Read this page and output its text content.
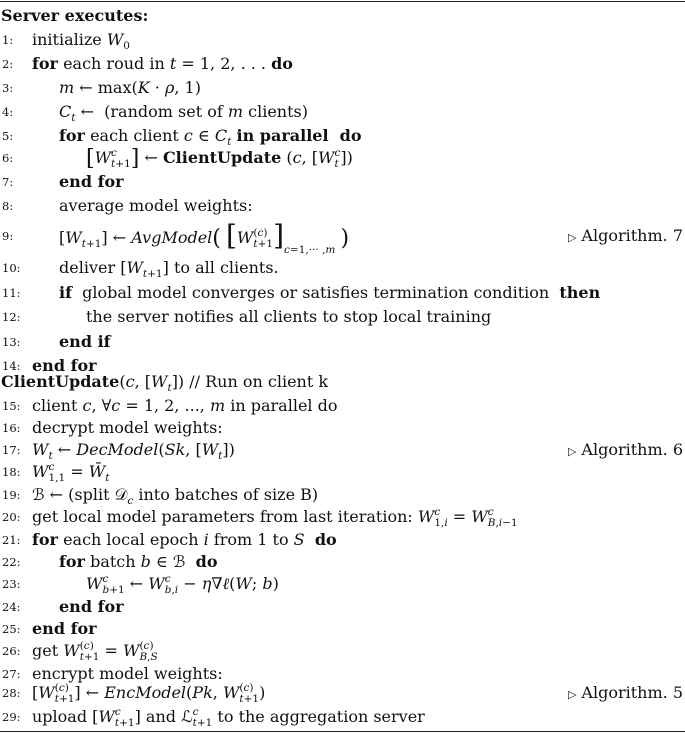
Server executes:
1: initialize $W_0$
2: for each roud in t = 1, 2, . . . do
3:	m ← max(K · ρ, 1)
4:	$C_t$ ←  (random set of m clients)
5:	for each client c ∈ $C_t$ in parallel  do
6:	[W c
t+1 ] ← ClientUpdate (c, [W c
t ])
7:	end for
8:	average model weights:
9:	$[W_{t+1}]$ ← AvgModel( [W (c)
t+1 ]$_{c=1,\cdot\cdot\cdot ,m}$ )	▷ Algorithm. 7
10: deliver $[W_{t+1}]$ to all clients.
11: if  global model converges or satisfies termination condition  then
12:	the server notifies all clients to stop local training
13: end if
14: end for
ClientUpdate(c, $[W_t]$) // Run on client k
15: client c, ∀c = 1, 2, ..., m in parallel do
16: decrypt model weights:
17: $W_t$ ← DecModel(Sk, $[W_t]$)	▷ Algorithm. 6
18: W c
$1,1 = W̄_t$
19: ℬ ← (split 𝒟$_c$ into batches of size B)
20: get local model parameters from last iteration: W c
1,i = W c
B,i−1
21: for each local epoch i from 1 to S do
22: for batch b ∈ ℬ  do
23:	W c
b+1 ← W c
b,i − η∇ℓ(W; b)
24: end for
25: end for
26: get W (c)
t+1 = W (c)
B,S
27: encrypt model weights:
28: [W (c)
t+1 ] ← EncModel(Pk, W (c)
t+1 )	▷ Algorithm. 5
29: upload [W c
t+1 ] and ℒ c
t+1 to the aggregation server
